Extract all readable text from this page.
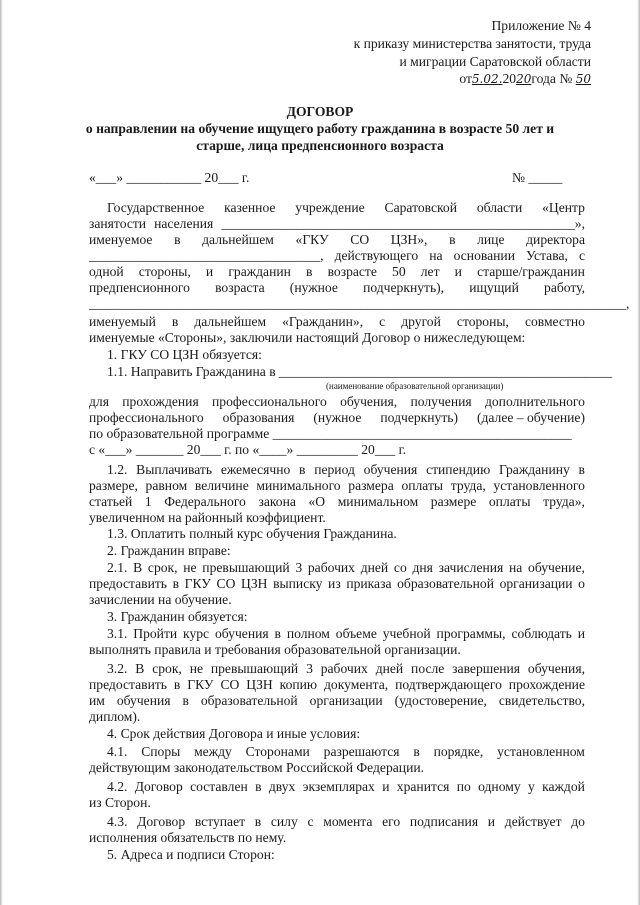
Приложение № 4
к приказу министерства занятости, труда
и миграции Саратовской области
от5.02.2020года № 50
ДОГОВОР
о направлении на обучение ищущего работу гражданина в возрасте 50 лет и
старше, лица предпенсионного возраста
«___» ___________ 20___ г.	№ _____
Государственное казенное учреждение Саратовской области «Центр
занятости населения ____________________________________________________»,
именуемое в дальнейшем «ГКУ СО ЦЗН», в лице директора
__________________________________, действующего на основании Устава, с
одной стороны, и гражданин в возрасте 50 лет и старше/гражданин
предпенсионного возраста (нужное подчеркнуть), ищущий работу,
_______________________________________________________________________________,
именуемый в дальнейшем «Гражданин», с другой стороны, совместно
именуемые «Стороны», заключили настоящий Договор о нижеследующем:
1. ГКУ СО ЦЗН обязуется:
1.1. Направить Гражданина в _________________________________________________
(наименование образовательной организации)
для прохождения профессионального обучения, получения дополнительного
профессионального образования (нужное подчеркнуть) (далее – обучение)
по образовательной программе ____________________________________________
с «___» _______ 20___ г. по «____» _________ 20___ г.
1.2. Выплачивать ежемесячно в период обучения стипендию Гражданину в
размере, равном величине минимального размера оплаты труда, установленного
статьей 1 Федерального закона «О минимальном размере оплаты труда»,
увеличенном на районный коэффициент.
1.3. Оплатить полный курс обучения Гражданина.
2. Гражданин вправе:
2.1. В срок, не превышающий 3 рабочих дней со дня зачисления на обучение,
предоставить в ГКУ СО ЦЗН выписку из приказа образовательной организации о
зачислении на обучение.
3. Гражданин обязуется:
3.1. Пройти курс обучения в полном объеме учебной программы, соблюдать и
выполнять правила и требования образовательной организации.
3.2. В срок, не превышающий 3 рабочих дней после завершения обучения,
предоставить в ГКУ СО ЦЗН копию документа, подтверждающего прохождение
им обучения в образовательной организации (удостоверение, свидетельство,
диплом).
4. Срок действия Договора и иные условия:
4.1. Споры между Сторонами разрешаются в порядке, установленном
действующим законодательством Российской Федерации.
4.2. Договор составлен в двух экземплярах и хранится по одному у каждой
из Сторон.
4.3. Договор вступает в силу с момента его подписания и действует до
исполнения обязательств по нему.
5. Адреса и подписи Сторон:
